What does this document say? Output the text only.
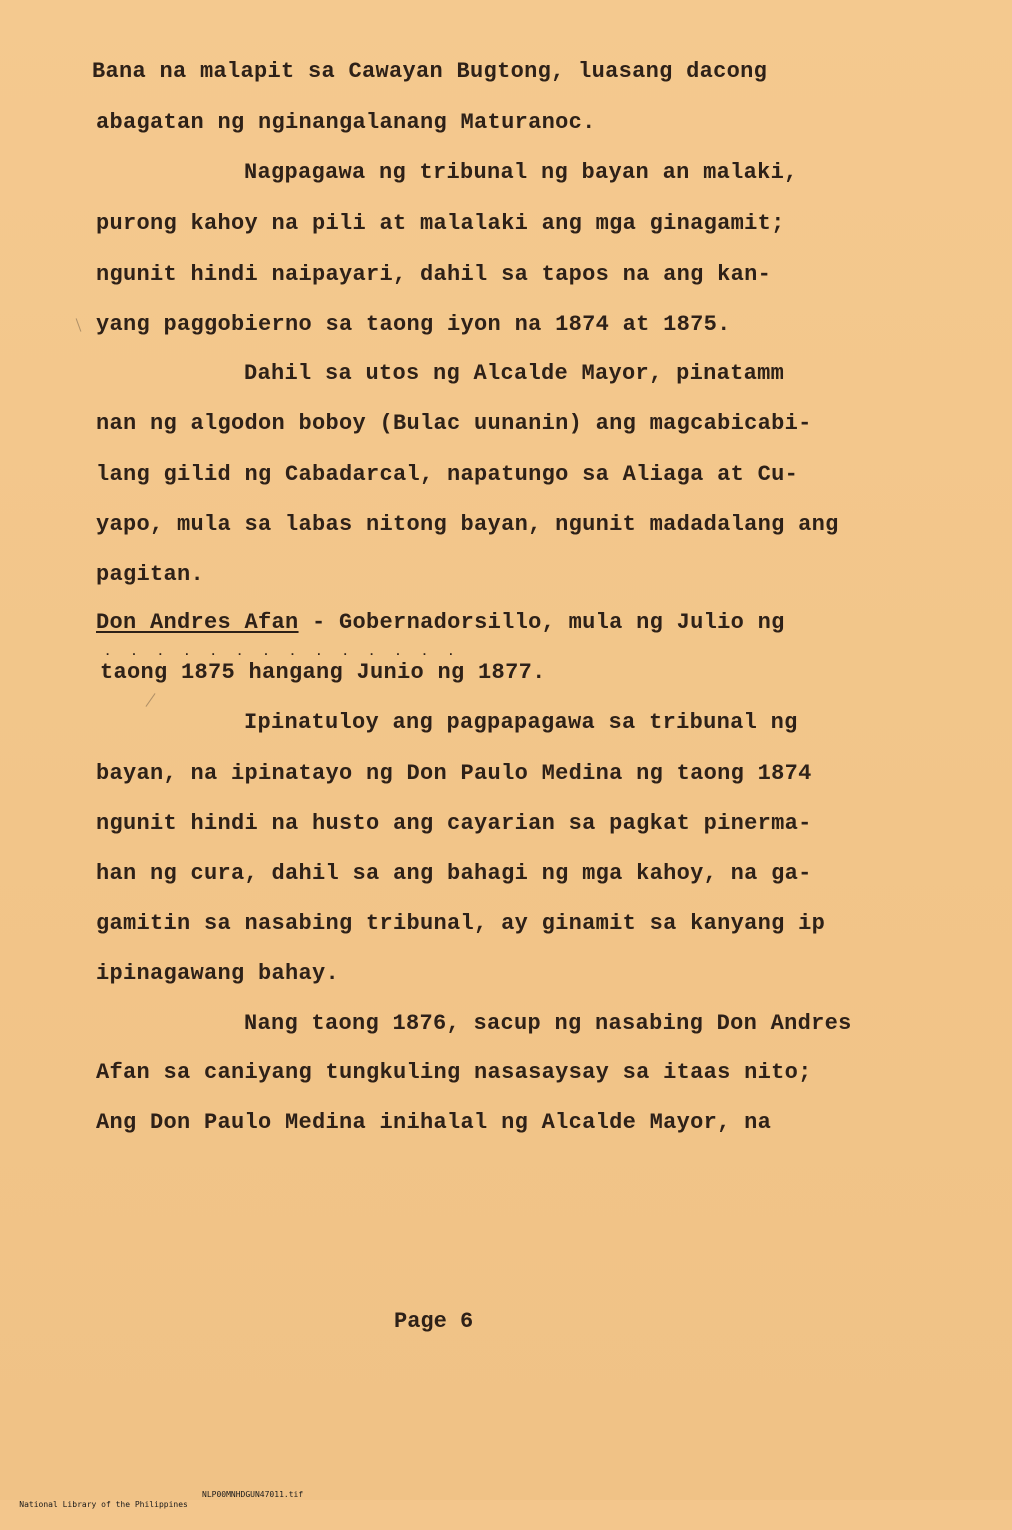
Bana na malapit sa Cawayan Bugtong, luasang dacong
abagatan ng nginangalanang Maturanoc.
Nagpagawa ng tribunal ng bayan an malaki,
purong kahoy na pili at malalaki ang mga ginagamit;
ngunit hindi naipayari, dahil sa tapos na ang kan-
yang paggobierno sa taong iyon na 1874 at 1875.
Dahil sa utos ng Alcalde Mayor, pinatamm
nan ng algodon boboy (Bulac uunanin) ang magcabicabi-
lang gilid ng Cabadarcal, napatungo sa Aliaga at Cu-
yapo, mula sa labas nitong bayan, ngunit madadalang ang
pagitan.
Don Andres Afan - Gobernadorsillo, mula ng Julio ng
. . . . . . . . . . . . . .
taong 1875 hangang Junio ng 1877.
Ipinatuloy ang pagpapagawa sa tribunal ng
bayan, na ipinatayo ng Don Paulo Medina ng taong 1874
ngunit hindi na husto ang cayarian sa pagkat pinerma-
han ng cura, dahil sa ang bahagi ng mga kahoy, na ga-
gamitin sa nasabing tribunal, ay ginamit sa kanyang ip
ipinagawang bahay.
Nang taong 1876, sacup ng nasabing Don Andres
Afan sa caniyang tungkuling nasasaysay sa itaas nito;
Ang Don Paulo Medina inihalal ng Alcalde Mayor, na
Page 6

National Library of the Philippines

NLP00MNHDGUN47011.tif
